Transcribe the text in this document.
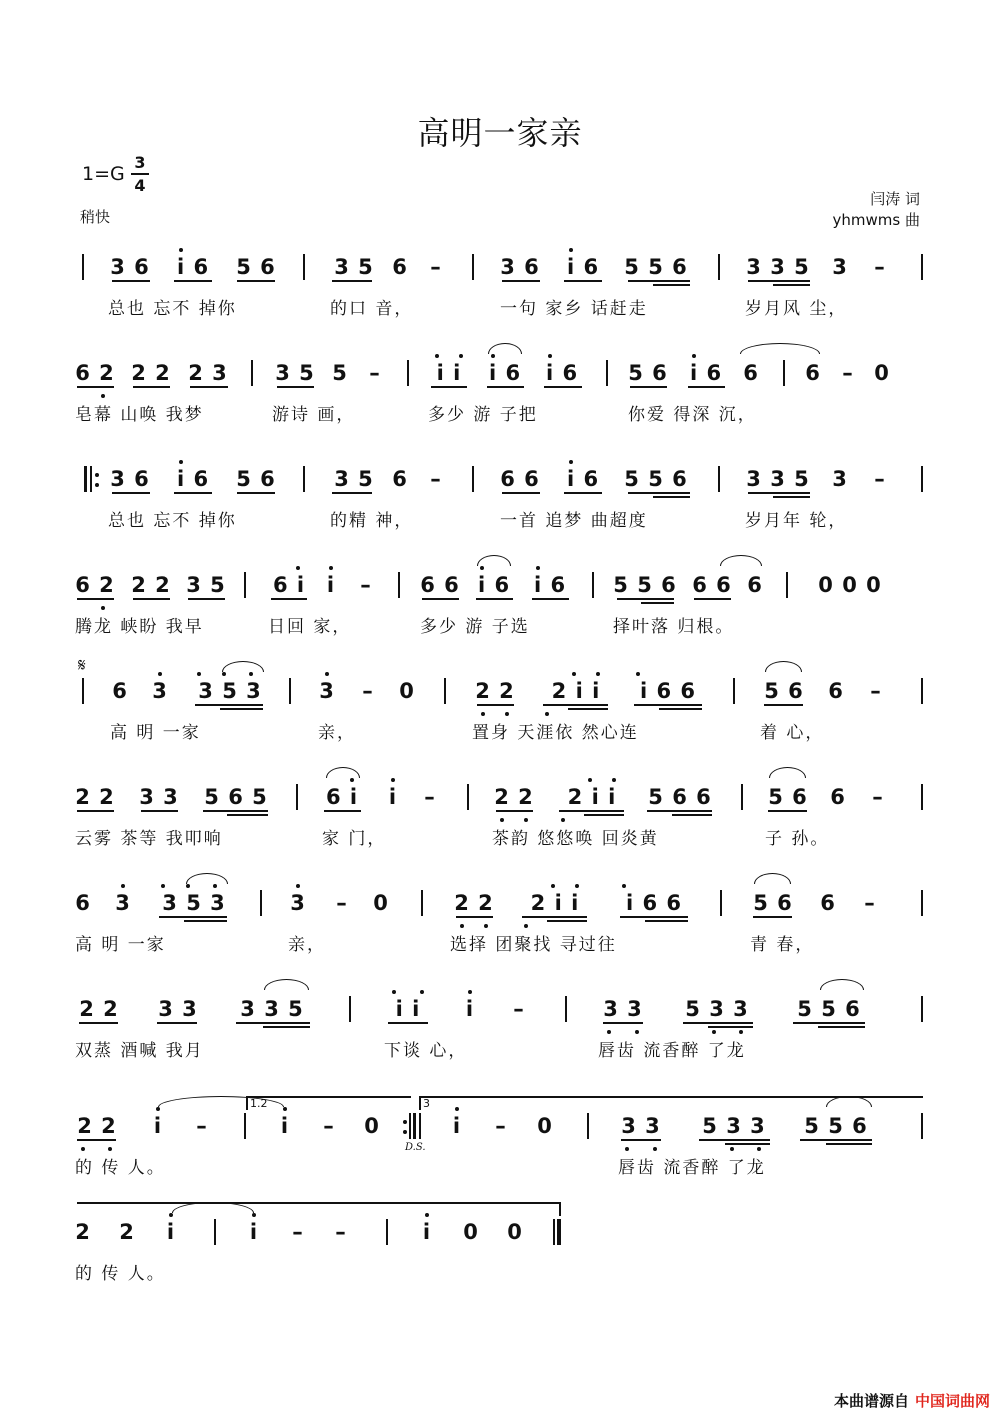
高明一家亲
1=G
3
4
稍快
闫涛 词
yhmwms 曲
3 6 i 6 5 6	3 5 6 –	3 6 i 6 5 5 6	3 3 5 3 –
总也 忘不 掉你	的口 音，	一句 家乡 话赶走	岁月风 尘，
6 2 2 2 2 3 3 5 5 –	i i i 6 i 6 5 6 i 6 6 6 – 0
皂幕 山唤 我梦	游诗 画，	多少 游 子把	你爱 得深 沉，
3 6 i 6 5 6	3 5 6 –	6 6 i 6 5 5 6	3 3 5 3 –
总也 忘不 掉你	的精 神，	一首 追梦 曲超度	岁月年 轮，
6 2 2 2 3 5 6 i i – 6 6 i 6 i 6 5 5 6 6 6 6	0 0 0
腾龙 峡盼 我早	日回 家，	多少 游 子选	择叶落 归根。
6 3 3 5 3	3 – 0	2 2 2 i i i 6 6	5 6 6 –
𝄋
高 明 一家	亲，	置身 天涯依 然心连	着 心，
2 2 3 3 5 6 5	6 i i –	2 2 2 i i 5 6 6	5 6 6 –
云雾 茶等 我叩响	家 门，	茶韵 悠悠唤 回炎黄	子 孙。
6 3 3 5 3	3 – 0	2 2 2 i i i 6 6	5 6 6 –
高 明 一家	亲，	选择 团聚找 寻过往	青 春，
2 2 3 3 3 3 5	i i i –	3 3 5 3 3 5 5 6
双蒸 酒喊 我月	下谈 心，	唇齿 流香醉 了龙
2 2 i –	i – 0	i – 0	3 3 5 3 3 5 5 6
1.2	3
D.S.
的 传 人。	唇齿 流香醉 了龙
2 2 i	i – –	i 0 0
的 传 人。
本曲谱源自 中国词曲网
